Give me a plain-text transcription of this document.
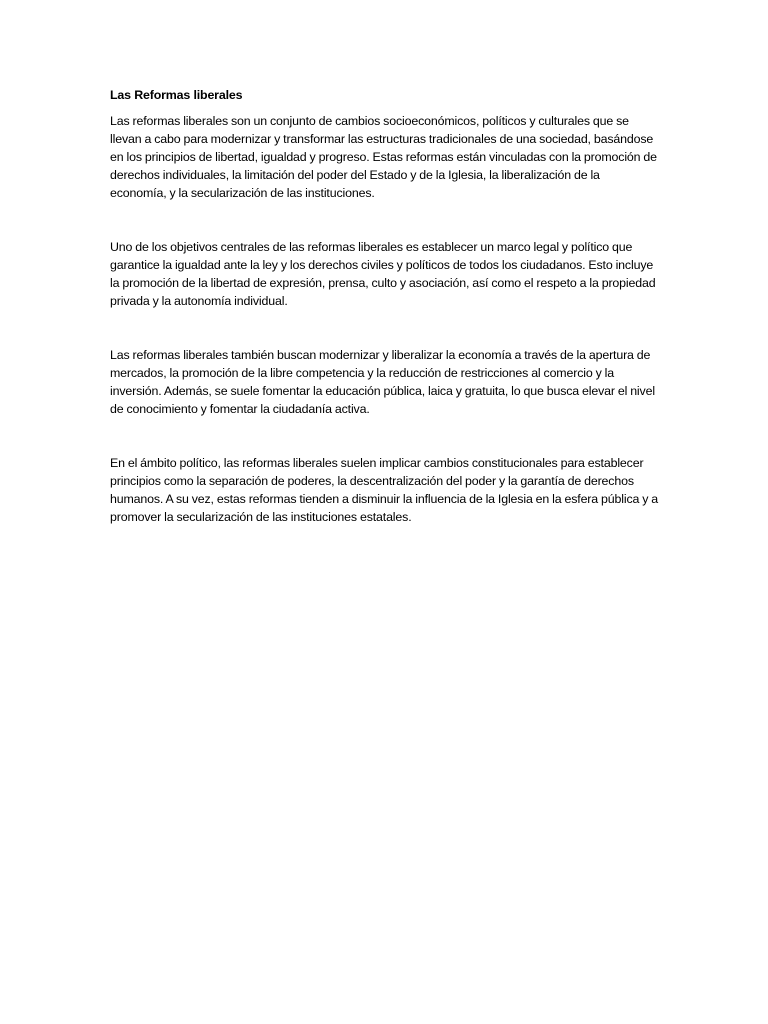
Las Reformas liberales

Las reformas liberales son un conjunto de cambios socioeconómicos, políticos y culturales que se llevan a cabo para modernizar y transformar las estructuras tradicionales de una sociedad, basándose en los principios de libertad, igualdad y progreso. Estas reformas están vinculadas con la promoción de derechos individuales, la limitación del poder del Estado y de la Iglesia, la liberalización de la economía, y la secularización de las instituciones.

Uno de los objetivos centrales de las reformas liberales es establecer un marco legal y político que garantice la igualdad ante la ley y los derechos civiles y políticos de todos los ciudadanos. Esto incluye la promoción de la libertad de expresión, prensa, culto y asociación, así como el respeto a la propiedad privada y la autonomía individual.

Las reformas liberales también buscan modernizar y liberalizar la economía a través de la apertura de mercados, la promoción de la libre competencia y la reducción de restricciones al comercio y la inversión. Además, se suele fomentar la educación pública, laica y gratuita, lo que busca elevar el nivel de conocimiento y fomentar la ciudadanía activa.

En el ámbito político, las reformas liberales suelen implicar cambios constitucionales para establecer principios como la separación de poderes, la descentralización del poder y la garantía de derechos humanos. A su vez, estas reformas tienden a disminuir la influencia de la Iglesia en la esfera pública y a promover la secularización de las instituciones estatales.
